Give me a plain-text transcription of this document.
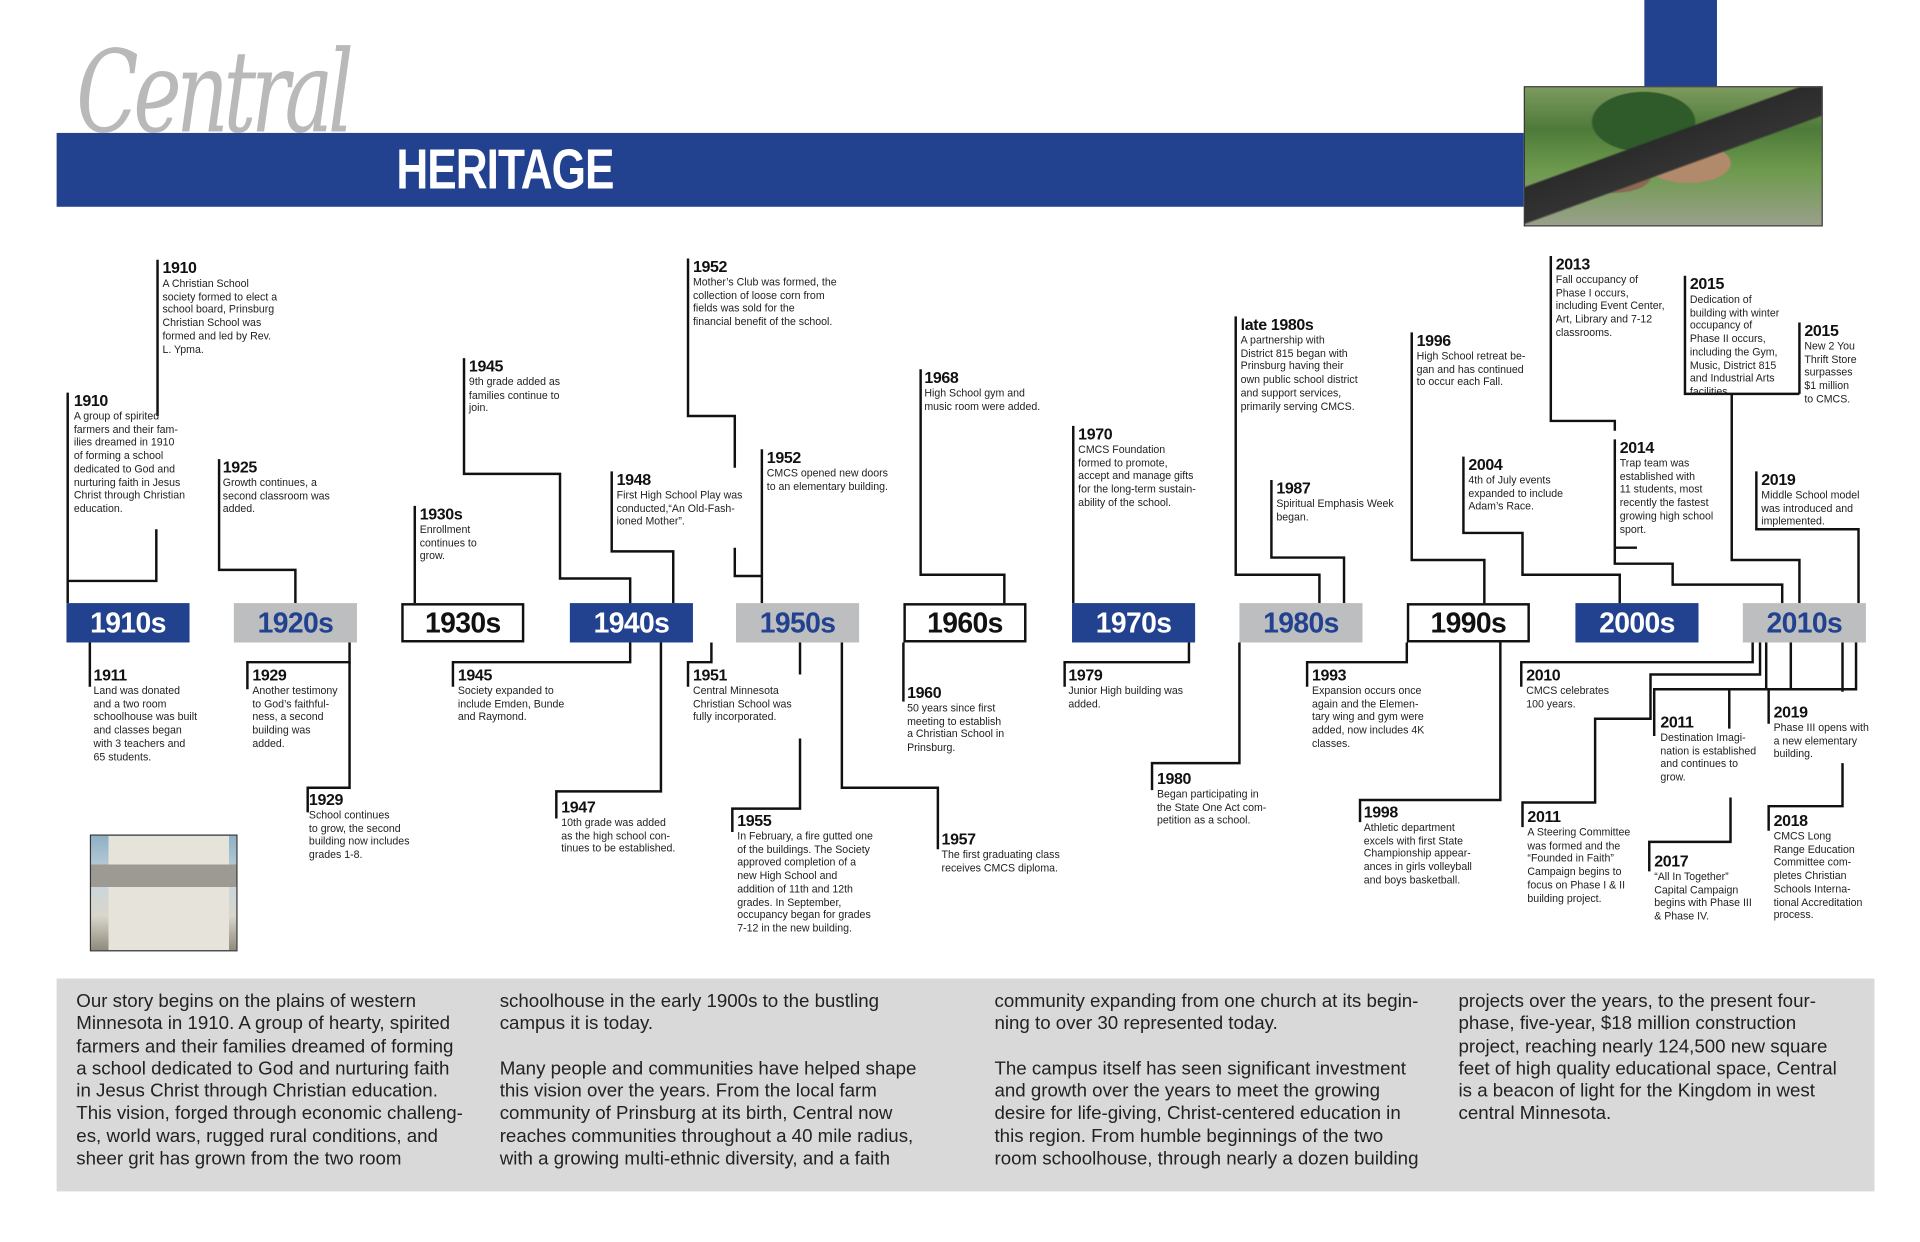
Central
HERITAGE
1910s	1920s	1930s	1940s	1950s	1960s	1970s	1980s	1990s	2000s	2010s
1910
A Christian School
society formed to elect a
school board, Prinsburg
Christian School was
formed and led by Rev.
L. Ypma.
1910
A group of spirited
farmers and their fam-
ilies dreamed in 1910
of forming a school
dedicated to God and
nurturing faith in Jesus
Christ through Christian
education.
1925
Growth continues, a
second classroom was
added.	1930s
Enrollment
continues to
grow.
1945
9th grade added as
families continue to
join.
1948
First High School Play was
conducted,“An Old-Fash-
ioned Mother”.
1952
Mother’s Club was formed, the
collection of loose corn from
fields was sold for the
financial benefit of the school.
1952
CMCS opened new doors
to an elementary building.
1968
High School gym and
music room were added.
1970
CMCS Foundation
formed to promote,
accept and manage gifts
for the long-term sustain-
ability of the school.
late 1980s
A partnership with
District 815 began with
Prinsburg having their
own public school district
and support services,
primarily serving CMCS.
1987
Spiritual Emphasis Week
began.
1996
High School retreat be-
gan and has continued
to occur each Fall.
2004
4th of July events
expanded to include
Adam’s Race.
2013
Fall occupancy of
Phase I occurs,
including Event Center,
Art, Library and 7-12
classrooms.
2014
Trap team was
established with
11 students, most
recently the fastest
growing high school
sport.
2015
Dedication of
building with winter
occupancy of
Phase II occurs,
including the Gym,
Music, District 815
and Industrial Arts
facilities.
2015
New 2 You
Thrift Store
surpasses
$1 million
to CMCS.
2019
Middle School model
was introduced and
implemented.
1911
Land was donated
and a two room
schoolhouse was built
and classes began
with 3 teachers and
65 students.
1929
Another testimony
to God’s faithful-
ness, a second
building was
added.
1929
School continues
to grow, the second
building now includes
grades 1-8.
1945
Society expanded to
include Emden, Bunde
and Raymond.
1947
10th grade was added
as the high school con-
tinues to be established.
1951
Central Minnesota
Christian School was
fully incorporated.
1955
In February, a fire gutted one
of the buildings. The Society
approved completion of a
new High School and
addition of 11th and 12th
grades. In September,
occupancy began for grades
7-12 in the new building.
1957
The first graduating class
receives CMCS diploma.
1960
50 years since first
meeting to establish
a Christian School in
Prinsburg.
1979
Junior High building was
added.
1980
Began participating in
the State One Act com-
petition as a school.
1993
Expansion occurs once
again and the Elemen-
tary wing and gym were
added, now includes 4K
classes.
1998
Athletic department
excels with first State
Championship appear-
ances in girls volleyball
and boys basketball.
2010
CMCS celebrates
100 years.
2011
Destination Imagi-
nation is established
and continues to
grow.
2011
A Steering Committee
was formed and the
“Founded in Faith”
Campaign begins to
focus on Phase I & II
building project.
2017
“All In Together”
Capital Campaign
begins with Phase III
& Phase IV.
2019
Phase III opens with
a new elementary
building.
2018
CMCS Long
Range Education
Committee com-
pletes Christian
Schools Interna-
tional Accreditation
process.
Our story begins on the plains of western
Minnesota in 1910. A group of hearty, spirited
farmers and their families dreamed of forming
a school dedicated to God and nurturing faith
in Jesus Christ through Christian education.
This vision, forged through economic challeng-
es, world wars, rugged rural conditions, and
sheer grit has grown from the two room
schoolhouse in the early 1900s to the bustling
campus it is today.

Many people and communities have helped shape
this vision over the years. From the local farm
community of Prinsburg at its birth, Central now
reaches communities throughout a 40 mile radius,
with a growing multi-ethnic diversity, and a faith
community expanding from one church at its begin-
ning to over 30 represented today.

The campus itself has seen significant investment
and growth over the years to meet the growing
desire for life-giving, Christ-centered education in
this region. From humble beginnings of the two
room schoolhouse, through nearly a dozen building
projects over the years, to the present four-
phase, five-year, $18 million construction
project, reaching nearly 124,500 new square
feet of high quality educational space, Central
is a beacon of light for the Kingdom in west
central Minnesota.
